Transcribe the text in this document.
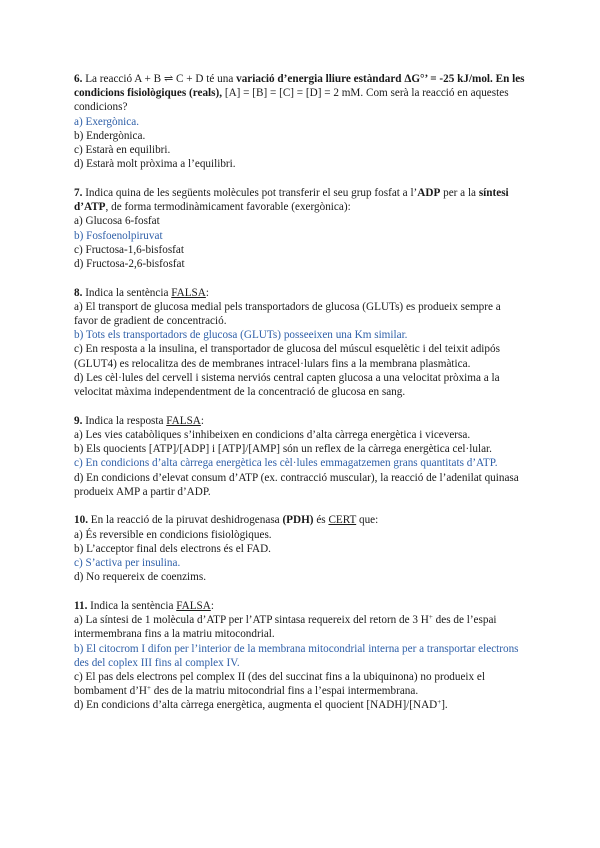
6. La reacció A + B ⇌ C + D té una variació d’energia lliure estàndard ΔG°’ = -25 kJ/mol. En les condicions fisiològiques (reals), [A] = [B] = [C] = [D] = 2 mM. Com serà la reacció en aquestes condicions?

a) Exergònica.

b) Endergònica.

c) Estarà en equilibri.

d) Estarà molt pròxima a l’equilibri.

7. Indica quina de les següents molècules pot transferir el seu grup fosfat a l’ADP per a la síntesi d’ATP, de forma termodinàmicament favorable (exergònica):

a) Glucosa 6-fosfat

b) Fosfoenolpiruvat

c) Fructosa-1,6-bisfosfat

d) Fructosa-2,6-bisfosfat

8. Indica la sentència FALSA:

a) El transport de glucosa medial pels transportadors de glucosa (GLUTs) es produeix sempre a favor de gradient de concentració.

b) Tots els transportadors de glucosa (GLUTs) posseeixen una Km similar.

c) En resposta a la insulina, el transportador de glucosa del múscul esquelètic i del teixit adipós (GLUT4) es relocalitza des de membranes intracel·lulars fins a la membrana plasmàtica.

d) Les cèl·lules del cervell i sistema nerviós central capten glucosa a una velocitat pròxima a la velocitat màxima independentment de la concentració de glucosa en sang.

9. Indica la resposta FALSA:

a) Les vies catabòliques s’inhibeixen en condicions d’alta càrrega energètica i viceversa.

b) Els quocients [ATP]/[ADP] i [ATP]/[AMP] són un reflex de la càrrega energètica cel·lular.

c) En condicions d’alta càrrega energètica les cèl·lules emmagatzemen grans quantitats d’ATP.

d) En condicions d’elevat consum d’ATP (ex. contracció muscular), la reacció de l’adenilat quinasa produeix AMP a partir d’ADP.

10. En la reacció de la piruvat deshidrogenasa (PDH) és CERT que:

a) És reversible en condicions fisiològiques.

b) L’acceptor final dels electrons és el FAD.

c) S’activa per insulina.

d) No requereix de coenzims.

11. Indica la sentència FALSA:

a) La síntesi de 1 molècula d’ATP per l’ATP sintasa requereix del retorn de 3 H+ des de l’espai intermembrana fins a la matriu mitocondrial.

b) El citocrom I difon per l’interior de la membrana mitocondrial interna per a transportar electrons des del coplex III fins al complex IV.

c) El pas dels electrons pel complex II (des del succinat fins a la ubiquinona) no produeix el bombament d’H+ des de la matriu mitocondrial fins a l’espai intermembrana.

d) En condicions d’alta càrrega energètica, augmenta el quocient [NADH]/[NAD+].
